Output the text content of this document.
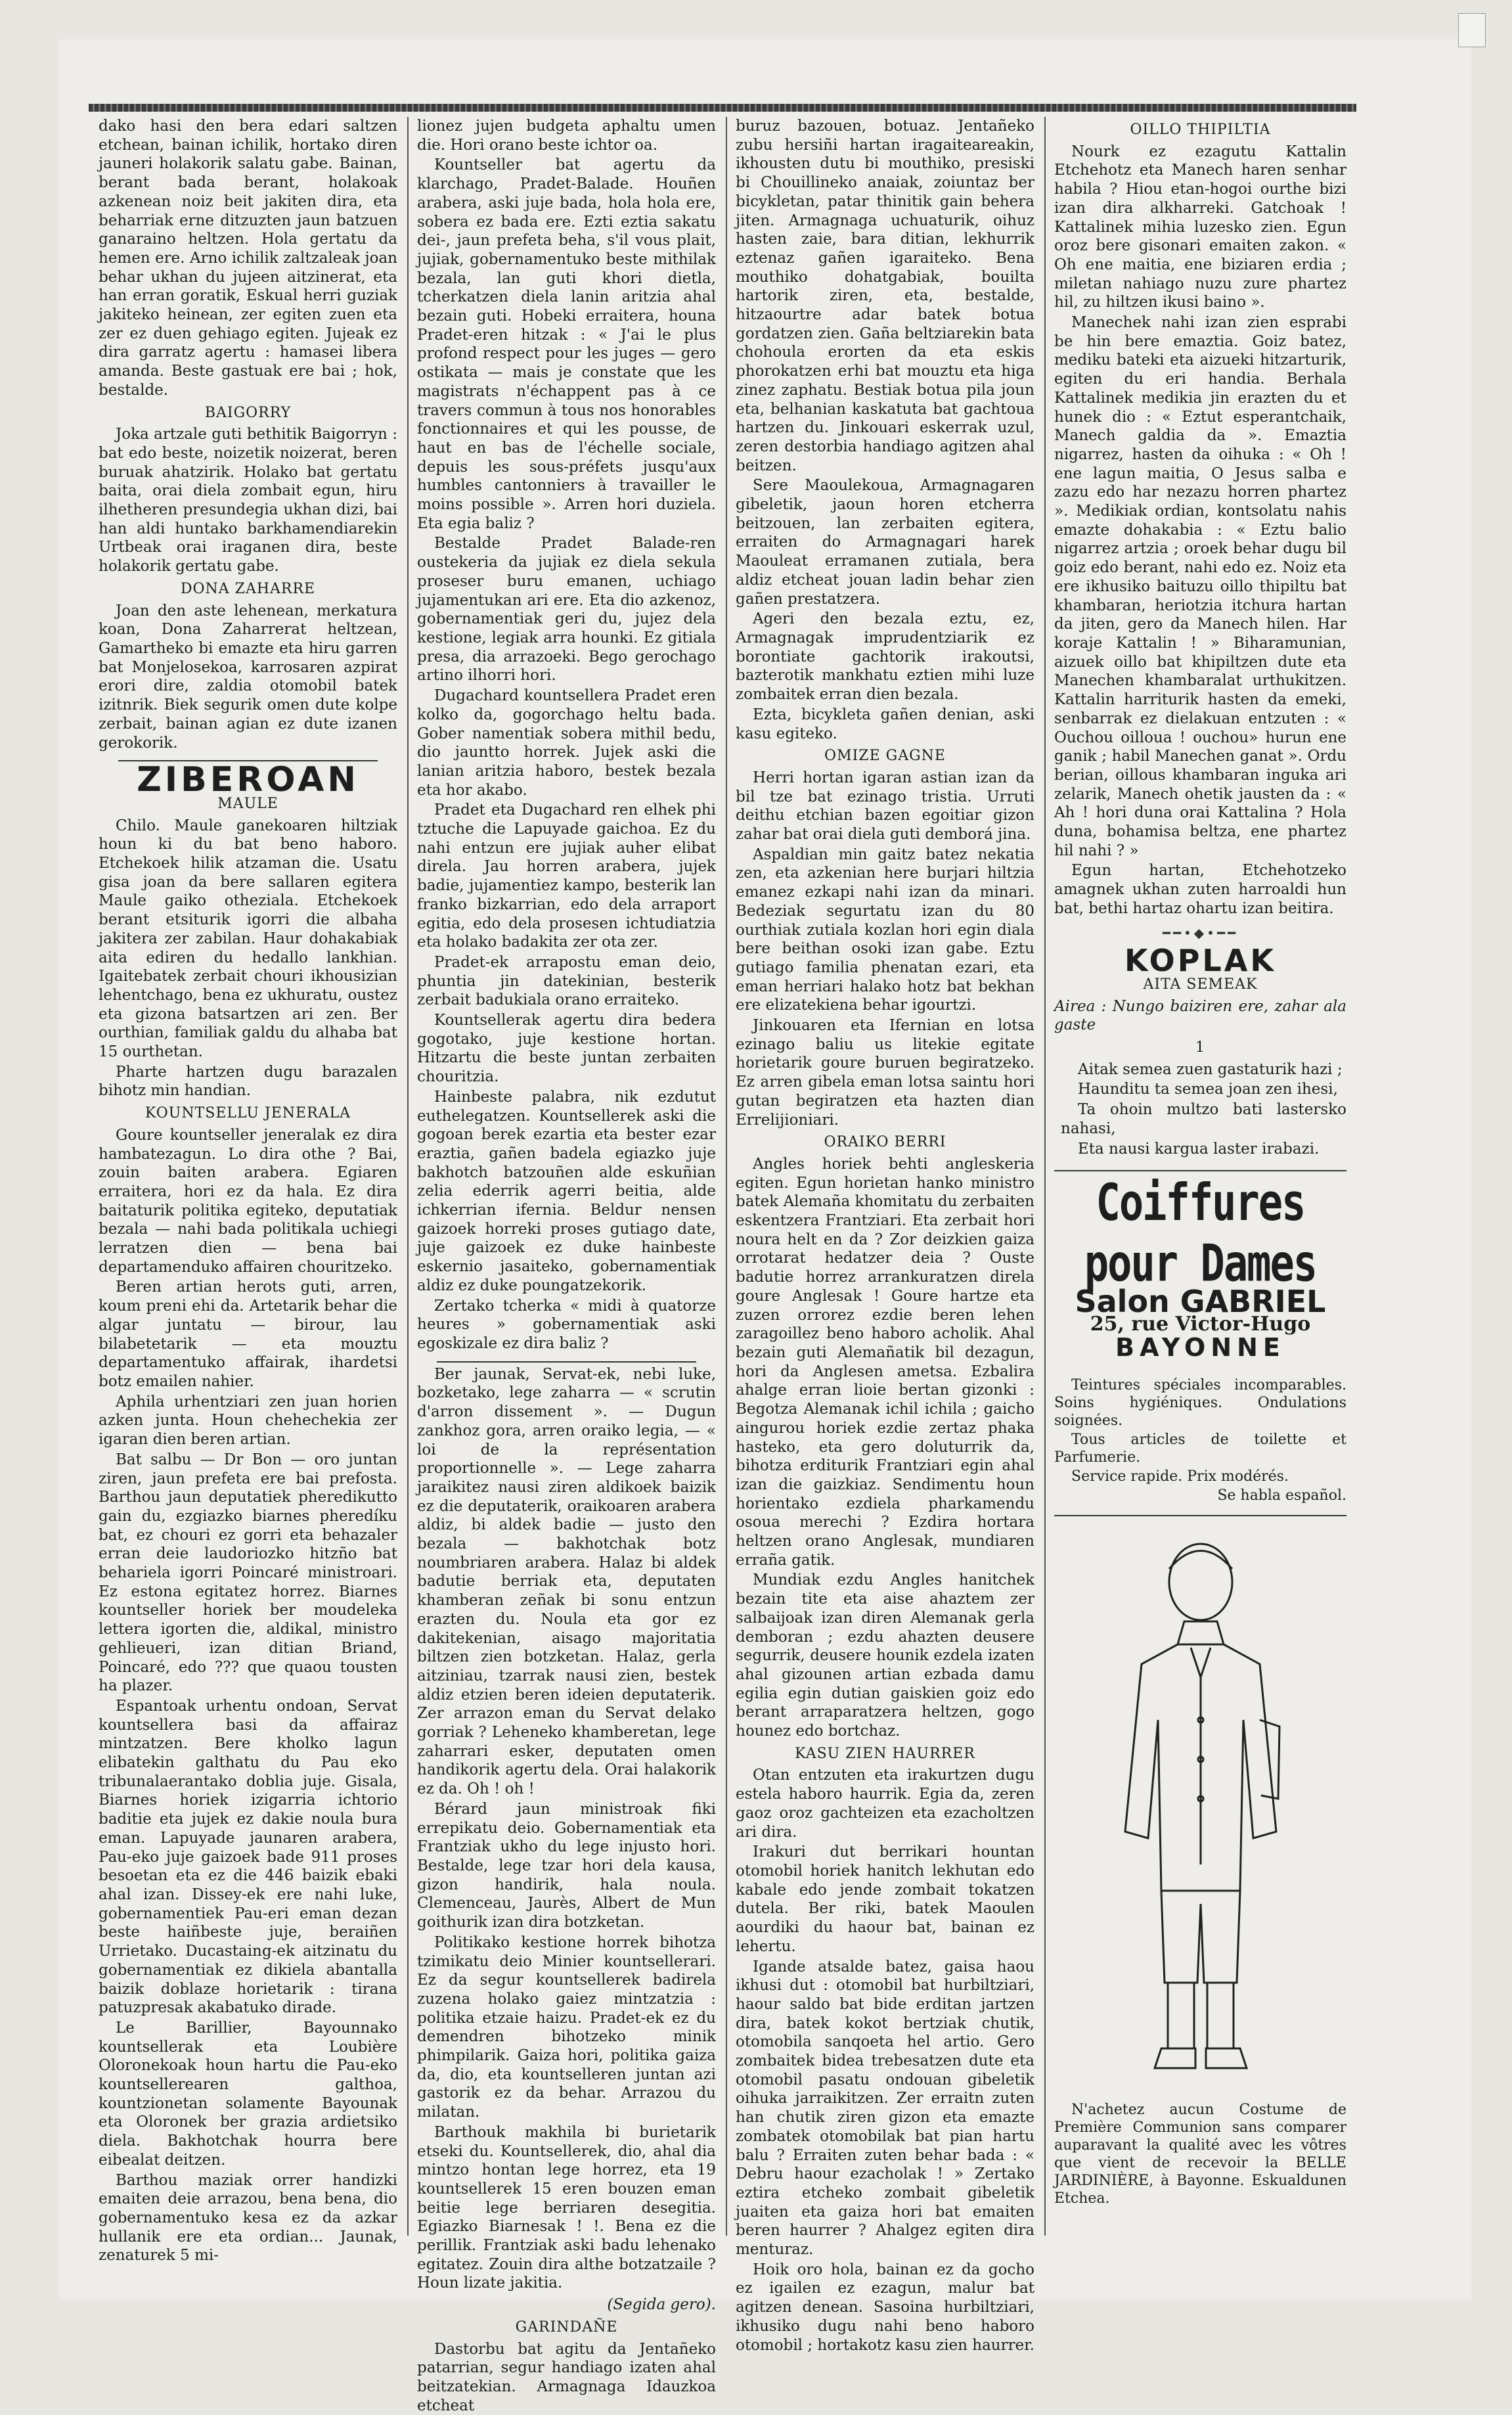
dako hasi den bera edari saltzen etchean, bainan ichilik, hortako diren jauneri holakorik salatu gabe. Bainan, berant bada berant, holakoak azkenean noiz beit jakiten dira, eta beharriak erne ditzuzten jaun batzuen ganaraino heltzen. Hola gertatu da hemen ere. Arno ichilik zaltzaleak joan behar ukhan du jujeen aitzinerat, eta han erran goratik, Eskual herri guziak jakiteko heinean, zer egiten zuen eta zer ez duen gehiago egiten. Jujeak ez dira garratz agertu : hamasei libera amanda. Beste gastuak ere bai ; hok, bestalde.

BAIGORRY

Joka artzale guti bethitik Baigorryn : bat edo beste, noizetik noizerat, beren buruak ahatzirik. Holako bat gertatu baita, orai diela zombait egun, hiru ilhetheren presundegia ukhan dizi, bai han aldi huntako barkhamendiarekin Urtbeak orai iraganen dira, beste holakorik gertatu gabe.

DONA ZAHARRE

Joan den aste lehenean, merkatura koan, Dona Zaharrerat heltzean, Gamartheko bi emazte eta hiru garren bat Monjelosekoa, karrosaren azpirat erori dire, zaldia otomobil batek izitnrik. Biek segurik omen dute kolpe zerbait, bainan agian ez dute izanen gerokorik.

ZIBEROAN
MAULE

Chilo. Maule ganekoaren hiltziak houn ki du bat beno haboro. Etchekoek hilik atzaman die. Usatu gisa joan da bere sallaren egitera Maule gaiko otheziala. Etchekoek berant etsiturik igorri die albaha jakitera zer zabilan. Haur dohakabiak aita ediren du hedallo lankhian. Igaitebatek zerbait chouri ikhousizian lehentchago, bena ez ukhuratu, oustez eta gizona batsartzen ari zen. Ber ourthian, familiak galdu du alhaba bat 15 ourthetan.

Pharte hartzen dugu barazalen bihotz min handian.

KOUNTSELLU JENERALA

Goure kountseller jeneralak ez dira hambatezagun. Lo dira othe ? Bai, zouin baiten arabera. Egiaren erraitera, hori ez da hala. Ez dira baitaturik politika egiteko, deputatiak bezala — nahi bada politikala uchiegi lerratzen dien — bena bai departamenduko affairen chouritzeko.

Beren artian herots guti, arren, koum preni ehi da. Artetarik behar die algar juntatu — birour, lau bilabetetarik — eta mouztu departamentuko affairak, ihardetsi botz emailen nahier.

Aphila urhentziari zen juan horien azken junta. Houn chehechekia zer igaran dien beren artian.

Bat salbu — Dr Bon — oro juntan ziren, jaun prefeta ere bai prefosta. Barthou jaun deputatiek pheredikutto gain du, ezgiazko biarnes pheredíku bat, ez chouri ez gorri eta behazaler erran deie laudoriozko hitzño bat behariela igorri Poincaré ministroari. Ez estona egitatez horrez. Biarnes kountseller horiek ber moudeleka lettera igorten die, aldikal, ministro gehlieueri, izan ditian Briand, Poincaré, edo ??? que quaou tousten ha plazer.

Espantoak urhentu ondoan, Servat kountsellera basi da affairaz mintzatzen. Bere kholko lagun elibatekin galthatu du Pau eko tribunalaerantako doblia juje. Gisala, Biarnes horiek izigarria ichtorio baditie eta jujek ez dakie noula bura eman. Lapuyade jaunaren arabera, Pau-eko juje gaizoek bade 911 proses besoetan eta ez die 446 baizik ebaki ahal izan. Dissey-ek ere nahi luke, gobernamentiek Pau-eri eman dezan beste haiñbeste juje, beraiñen Urrietako. Ducastaing-ek aitzinatu du gobernamentiak ez dikiela abantalla baizik doblaze horietarik : tirana patuzpresak akabatuko dirade.

Le Barillier, Bayounnako kountsellerak eta Loubière Oloronekoak houn hartu die Pau-eko kountsellerearen galthoa, kountzionetan solamente Bayounak eta Oloronek ber grazia ardietsiko diela. Bakhotchak hourra bere eibealat deitzen.

Barthou maziak orrer handizki emaiten deie arrazou, bena bena, dio gobernamentuko kesa ez da azkar hullanik ere eta ordian... Jaunak, zenaturek 5 mi-

lionez jujen budgeta aphaltu umen die. Hori orano beste ichtor oa.

Kountseller bat agertu da klarchago, Pradet-Balade. Houñen arabera, aski juje bada, hola hola ere, sobera ez bada ere. Ezti eztia sakatu dei-, jaun prefeta beha, s'il vous plait, jujiak, gobernamentuko beste mithilak bezala, lan guti khori dietla, tcherkatzen diela lanin aritzia ahal bezain guti. Hobeki erraitera, houna Pradet-eren hitzak : « J'ai le plus profond respect pour les juges — gero ostikata — mais je constate que les magistrats n'échappent pas à ce travers commun à tous nos honorables fonctionnaires et qui les pousse, de haut en bas de l'échelle sociale, depuis les sous-préfets jusqu'aux humbles cantonniers à travailler le moins possible ». Arren hori duziela. Eta egia baliz ?

Bestalde Pradet Balade-ren oustekeria da jujiak ez diela sekula proseser buru emanen, uchiago jujamentukan ari ere. Eta dio azkenoz, gobernamentiak geri du, jujez dela kestione, legiak arra hounki. Ez gitiala presa, dia arrazoeki. Bego gerochago artino ilhorri hori.

Dugachard kountsellera Pradet eren kolko da, gogorchago heltu bada. Gober namentiak sobera mithil bedu, dio jauntto horrek. Jujek aski die lanian aritzia haboro, bestek bezala eta hor akabo.

Pradet eta Dugachard ren elhek phi tztuche die Lapuyade gaichoa. Ez du nahi entzun ere jujiak auher elibat direla. Jau horren arabera, jujek badie, jujamentiez kampo, besterik lan franko bizkarrian, edo dela arraport egitia, edo dela prosesen ichtudiatzia eta holako badakita zer ota zer.

Pradet-ek arrapostu eman deio, phuntia jin datekinian, besterik zerbait badukiala orano erraiteko.

Kountsellerak agertu dira bedera gogotako, juje kestione hortan. Hitzartu die beste juntan zerbaiten chouritzia.

Hainbeste palabra, nik ezdutut euthelegatzen. Kountsellerek aski die gogoan berek ezartia eta bester ezar eraztia, gañen badela egiazko juje bakhotch batzouñen alde eskuñian zelia ederrik agerri beitia, alde ichkerrian ifernia. Beldur nensen gaizoek horreki proses gutiago date, juje gaizoek ez duke hainbeste eskernio jasaiteko, gobernamentiak aldiz ez duke poungatzekorik.

Zertako tcherka « midi à quatorze heures » gobernamentiak aski egoskizale ez dira baliz ?

Ber jaunak, Servat-ek, nebi luke, bozketako, lege zaharra — « scrutin d'arron dissement ». — Dugun zankhoz gora, arren oraiko legia, — « loi de la représentation proportionnelle ». — Lege zaharra jaraikitez nausi ziren aldikoek baizik ez die deputaterik, oraikoaren arabera aldiz, bi aldek badie — justo den bezala — bakhotchak botz noumbriaren arabera. Halaz bi aldek badutie berriak eta, deputaten khamberan zeñak bi sonu entzun erazten du. Noula eta gor ez dakitekenian, aisago majoritatia biltzen zien botzketan. Halaz, gerla aitziniau, tzarrak nausi zien, bestek aldiz etzien beren ideien deputaterik. Zer arrazon eman du Servat delako gorriak ? Leheneko khamberetan, lege zaharrari esker, deputaten omen handikorik agertu dela. Orai halakorik ez da. Oh ! oh !

Bérard jaun ministroak fiki errepikatu deio. Gobernamentiak eta Frantziak ukho du lege injusto hori. Bestalde, lege tzar hori dela kausa, gizon handirik, hala noula. Clemenceau, Jaurès, Albert de Mun goithurik izan dira botzketan.

Politikako kestione horrek bihotza tzimikatu deio Minier kountsellerari. Ez da segur kountsellerek badirela zuzena holako gaiez mintzatzia : politika etzaie haizu. Pradet-ek ez du demendren bihotzeko minik phimpilarik. Gaiza hori, politika gaiza da, dio, eta kountselleren juntan azi gastorik ez da behar. Arrazou du milatan.

Barthouk makhila bi burietarik etseki du. Kountsellerek, dio, ahal dia mintzo hontan lege horrez, eta 19 kountsellerek 15 eren bouzen eman beitie lege berriaren desegitia. Egiazko Biarnesak ! !. Bena ez die perillik. Frantziak aski badu lehenako egitatez. Zouin dira althe botzatzaile ? Houn lizate jakitia.

(Segida gero).
GARINDAÑE

Dastorbu bat agitu da Jentañeko patarrian, segur handiago izaten ahal beitzatekian. Armagnaga Idauzkoa etcheat

buruz bazouen, botuaz. Jentañeko zubu hersiñi hartan iragaiteareakin, ikhousten dutu bi mouthiko, presiski bi Chouillineko anaiak, zoiuntaz ber bicykletan, patar thinitik gain behera jiten. Armagnaga uchuaturik, oihuz hasten zaie, bara ditian, lekhurrik eztenaz gañen igaraiteko. Bena mouthiko dohatgabiak, bouilta hartorik ziren, eta, bestalde, hitzaourtre adar batek botua gordatzen zien. Gaña beltziarekin bata chohoula erorten da eta eskis phorokatzen erhi bat mouztu eta higa zinez zaphatu. Bestiak botua pila joun eta, belhanian kaskatuta bat gachtoua hartzen du. Jinkouari eskerrak uzul, zeren destorbia handiago agitzen ahal beitzen.

Sere Maoulekoua, Armagnagaren gibeletik, jaoun horen etcherra beitzouen, lan zerbaiten egitera, erraiten do Armagnagari harek Maouleat erramanen zutiala, bera aldiz etcheat jouan ladin behar zien gañen prestatzera.

Ageri den bezala eztu, ez, Armagnagak imprudentziarik ez borontiate gachtorik irakoutsi, bazterotik mankhatu eztien mihi luze zombaitek erran dien bezala.

Ezta, bicykleta gañen denian, aski kasu egiteko.

OMIZE GAGNE

Herri hortan igaran astian izan da bil tze bat ezinago tristia. Urruti deithu etchian bazen egoitiar gizon zahar bat orai diela guti demborá jina.

Aspaldian min gaitz batez nekatia zen, eta azkenian here burjari hiltzia emanez ezkapi nahi izan da minari. Bedeziak segurtatu izan du 80 ourthiak zutiala kozlan hori egin diala bere beithan osoki izan gabe. Eztu gutiago familia phenatan ezari, eta eman herriari halako hotz bat bekhan ere elizatekiena behar igourtzi.

Jinkouaren eta Ifernian en lotsa ezinago baliu us litekie egitate horietarik goure buruen begiratzeko. Ez arren gibela eman lotsa saintu hori gutan begiratzen eta hazten dian Errelijioniari.

ORAIKO BERRI

Angles horiek behti angleskeria egiten. Egun horietan hanko ministro batek Alemaña khomitatu du zerbaiten eskentzera Frantziari. Eta zerbait hori noura helt en da ? Zor deizkien gaiza orrotarat hedatzer deia ? Ouste badutie horrez arrankuratzen direla goure Anglesak ! Goure hartze eta zuzen orrorez ezdie beren lehen zaragoillez beno haboro acholik. Ahal bezain guti Alemañatik bil dezagun, hori da Anglesen ametsa. Ezbalira ahalge erran lioie bertan gizonki : Begotza Alemanak ichil ichila ; gaicho aingurou horiek ezdie zertaz phaka hasteko, eta gero doluturrik da, bihotza erditurik Frantziari egin ahal izan die gaizkiaz. Sendimentu houn horientako ezdiela pharkamendu osoua merechi ? Ezdira hortara heltzen orano Anglesak, mundiaren erraña gatik.

Mundiak ezdu Angles hanitchek bezain tite eta aise ahaztem zer salbaijoak izan diren Alemanak gerla demboran ; ezdu ahazten deusere segurrik, deusere hounik ezdela izaten ahal gizounen artian ezbada damu egilia egin dutian gaiskien goiz edo berant arraparatzera heltzen, gogo hounez edo bortchaz.

KASU ZIEN HAURRER

Otan entzuten eta irakurtzen dugu estela haboro haurrik. Egia da, zeren gaoz oroz gachteizen eta ezacholtzen ari dira.

Irakuri dut berrikari hountan otomobil horiek hanitch lekhutan edo kabale edo jende zombait tokatzen dutela. Ber riki, batek Maoulen aourdiki du haour bat, bainan ez lehertu.

Igande atsalde batez, gaisa haou ikhusi dut : otomobil bat hurbiltziari, haour saldo bat bide erditan jartzen dira, batek kokot bertziak chutik, otomobila sanqoeta hel artio. Gero zombaitek bidea trebesatzen dute eta otomobil pasatu ondouan gibeletik oihuka jarraikitzen. Zer erraitn zuten han chutik ziren gizon eta emazte zombatek otomobilak bat pian hartu balu ? Erraiten zuten behar bada : « Debru haour ezacholak ! » Zertako eztira etcheko zombait gibeletik juaiten eta gaiza hori bat emaiten beren haurrer ? Ahalgez egiten dira menturaz.

Hoik oro hola, bainan ez da gocho ez igailen ez ezagun, malur bat agitzen denean. Sasoina hurbiltziari, ikhusiko dugu nahi beno haboro otomobil ; hortakotz kasu zien haurrer.

OILLO THIPILTIA

Nourk ez ezagutu Kattalin Etchehotz eta Manech haren senhar habila ? Hiou etan-hogoi ourthe bizi izan dira alkharreki. Gatchoak ! Kattalinek mihia luzesko zien. Egun oroz bere gisonari emaiten zakon. « Oh ene maitia, ene biziaren erdia ; miletan nahiago nuzu zure phartez hil, zu hiltzen ikusi baino ».

Manechek nahi izan zien esprabi be hin bere emaztia. Goiz batez, mediku bateki eta aizueki hitzarturik, egiten du eri handia. Berhala Kattalinek medikia jin erazten du et hunek dio : « Eztut esperantchaik, Manech galdia da ». Emaztia nigarrez, hasten da oihuka : « Oh ! ene lagun maitia, O Jesus salba e zazu edo har nezazu horren phartez ». Medikiak ordian, kontsolatu nahis emazte dohakabia : « Eztu balio nigarrez artzia ; oroek behar dugu bil goiz edo berant, nahi edo ez. Noiz eta ere ikhusiko baituzu oillo thipiltu bat khambaran, heriotzia itchura hartan da jiten, gero da Manech hilen. Har koraje Kattalin ! » Biharamunian, aizuek oillo bat khipiltzen dute eta Manechen khambaralat urthukitzen. Kattalin harriturik hasten da emeki, senbarrak ez dielakuan entzuten : « Ouchou oilloua ! ouchou» hurun ene ganik ; habil Manechen ganat ». Ordu berian, oillous khambaran inguka ari zelarik, Manech ohetik jausten da : « Ah ! hori duna orai Kattalina ? Hola duna, bohamisa beltza, ene phartez hil nahi ? »

Egun hartan, Etchehotzeko amagnek ukhan zuten harroaldi hun bat, bethi hartaz ohartu izan beitira.

━━•◆•━━
KOPLAK
AITA SEMEAK

Airea : Nungo baiziren ere, zahar ala gaste

1

Aitak semea zuen gastaturik hazi ;

Haunditu ta semea joan zen ihesi,

Ta ohoin multzo bati lastersko nahasi,

Eta nausi kargua laster irabazi.

Coiffures pour Dames
Salon GABRIEL
25, rue Victor-Hugo
BAYONNE

Teintures spéciales incomparables. Soins hygiéniques. Ondulations soignées.

Tous articles de toilette et Parfumerie.

Service rapide. Prix modérés.

Se habla español.

N'achetez aucun Costume de Première Communion sans comparer auparavant la qualité avec les vôtres que vient de recevoir la BELLE JARDINIÈRE, à Bayonne. Eskualdunen Etchea.
